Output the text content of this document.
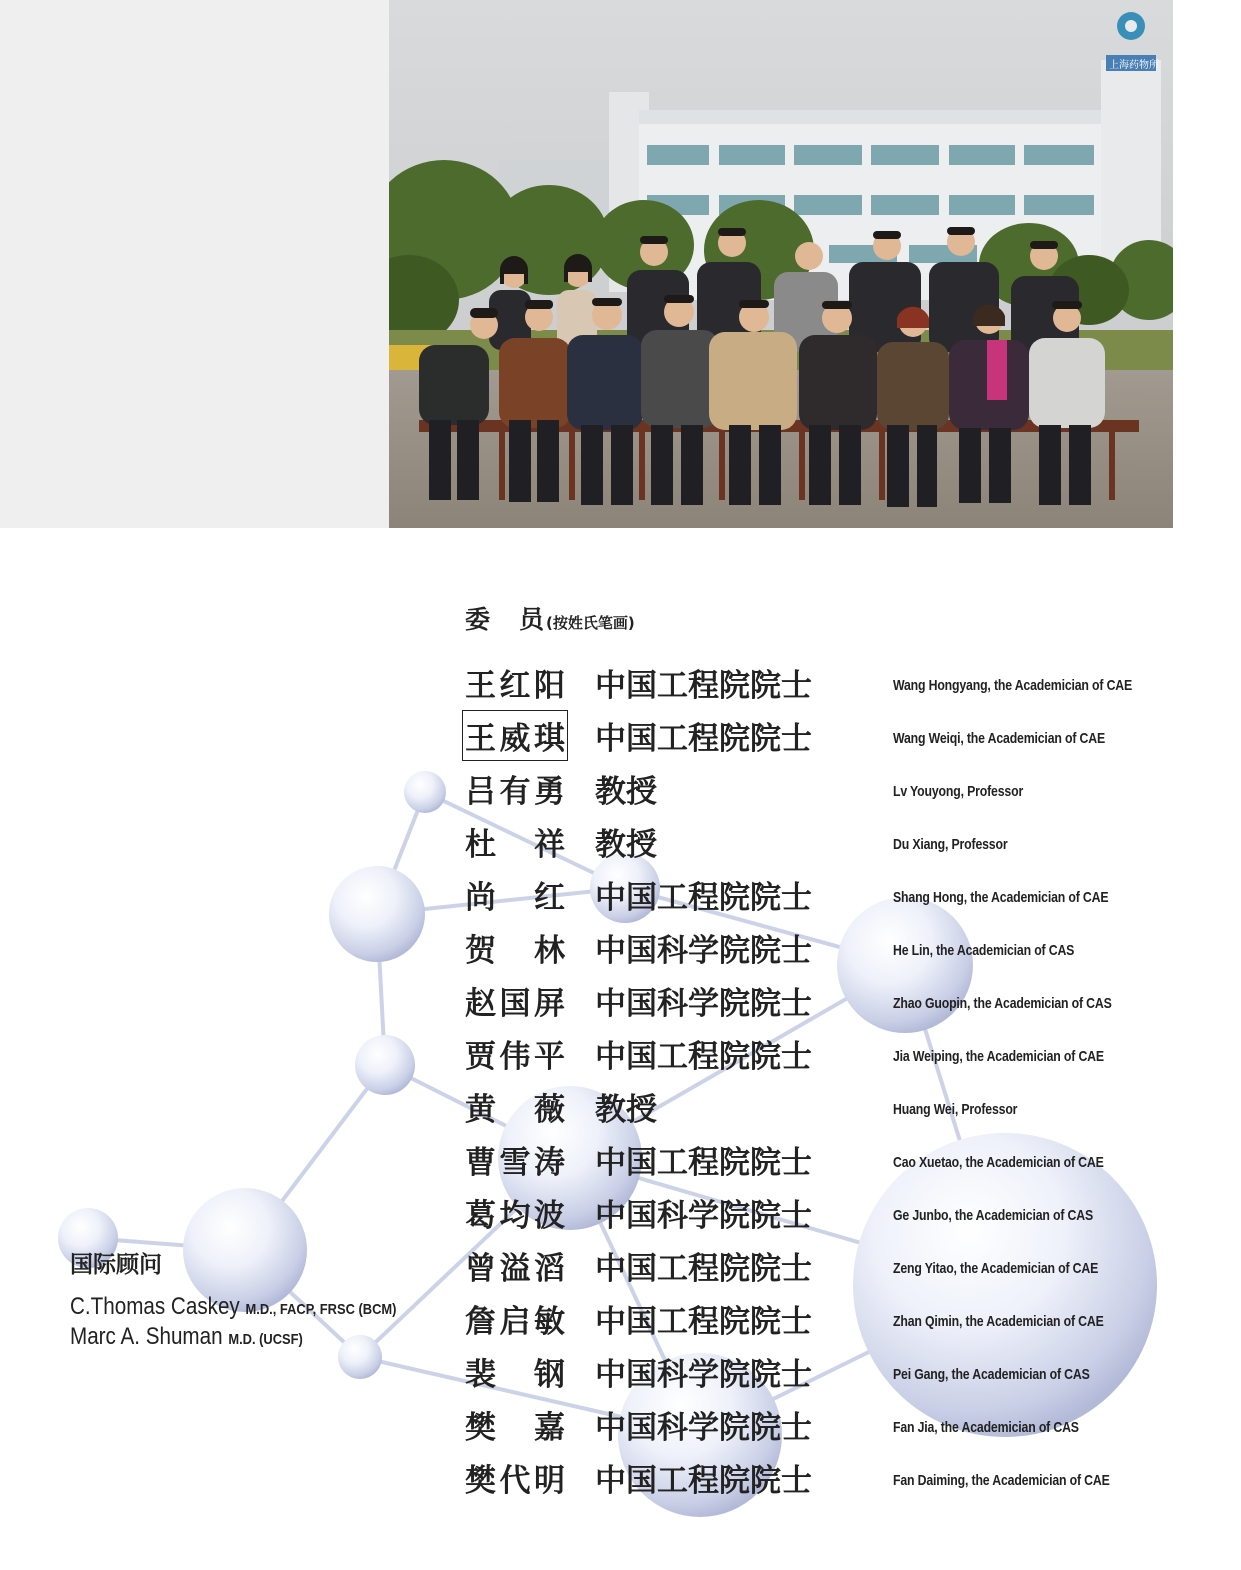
上海药物所
委　员(按姓氏笔画)
王红阳 中国工程院院士	Wang Hongyang, the Academician of CAE
王威琪 中国工程院院士	Wang Weiqi, the Academician of CAE
吕有勇 教授	Lv Youyong, Professor
杜祥 教授	Du Xiang, Professor
尚红 中国工程院院士	Shang Hong, the Academician of CAE
贺林 中国科学院院士	He Lin, the Academician of CAS
赵国屏 中国科学院院士	Zhao Guopin, the Academician of CAS
贾伟平 中国工程院院士	Jia Weiping, the Academician of CAE
黄薇 教授	Huang Wei, Professor
曹雪涛 中国工程院院士	Cao Xuetao, the Academician of CAE
葛均波 中国科学院院士	Ge Junbo, the Academician of CAS
曾溢滔 中国工程院院士	Zeng Yitao, the Academician of CAE
詹启敏 中国工程院院士	Zhan Qimin, the Academician of CAE
裴钢 中国科学院院士	Pei Gang, the Academician of CAS
樊嘉 中国科学院院士	Fan Jia, the Academician of CAS
樊代明 中国工程院院士	Fan Daiming, the Academician of CAE
国际顾问
C.Thomas Caskey M.D., FACP, FRSC (BCM)
Marc A. Shuman M.D. (UCSF)
